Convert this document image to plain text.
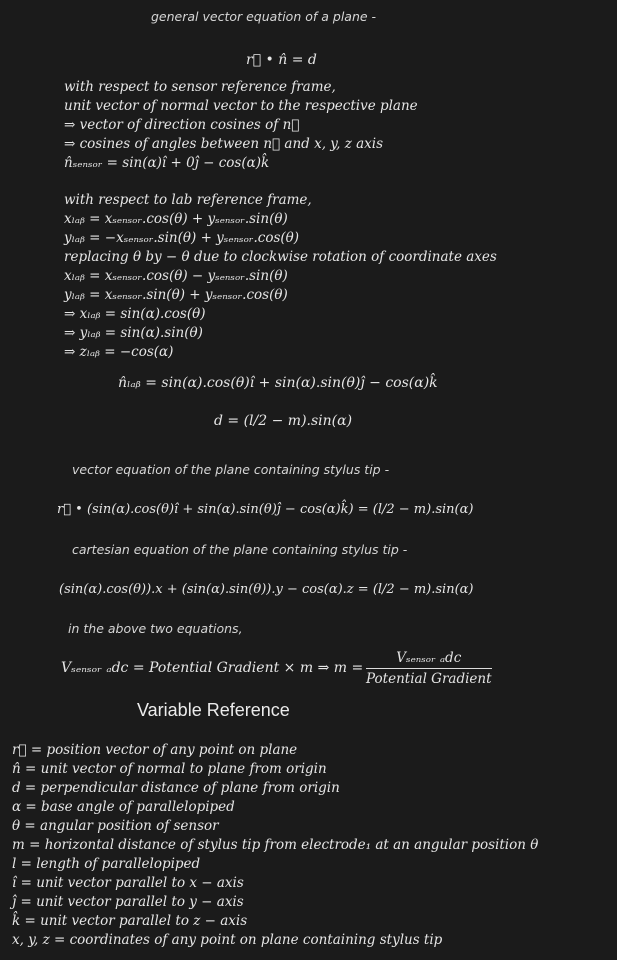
general vector equation of a plane -
r⃗ • n̂ = d
with respect to sensor reference frame,
unit vector of normal vector to the respective plane
⇒ vector of direction cosines of n⃗
⇒ cosines of angles between n⃗ and x, y, z axis
n̂ₛₑₙₛₒᵣ = sin(α)î + 0ĵ − cos(α)k̂
with respect to lab reference frame,
xₗₐᵦ = xₛₑₙₛₒᵣ.cos(θ) + yₛₑₙₛₒᵣ.sin(θ)
yₗₐᵦ = −xₛₑₙₛₒᵣ.sin(θ) + yₛₑₙₛₒᵣ.cos(θ)
replacing θ by − θ due to clockwise rotation of coordinate axes
xₗₐᵦ = xₛₑₙₛₒᵣ.cos(θ) − yₛₑₙₛₒᵣ.sin(θ)
yₗₐᵦ = xₛₑₙₛₒᵣ.sin(θ) + yₛₑₙₛₒᵣ.cos(θ)
⇒ xₗₐᵦ = sin(α).cos(θ)
⇒ yₗₐᵦ = sin(α).sin(θ)
⇒ zₗₐᵦ = −cos(α)
n̂ₗₐᵦ = sin(α).cos(θ)î + sin(α).sin(θ)ĵ − cos(α)k̂
d = (l/2 − m).sin(α)
vector equation of the plane containing stylus tip -
r⃗ • (sin(α).cos(θ)î + sin(α).sin(θ)ĵ − cos(α)k̂) = (l/2 − m).sin(α)
cartesian equation of the plane containing stylus tip -
(sin(α).cos(θ)).x + (sin(α).sin(θ)).y − cos(α).z = (l/2 − m).sin(α)
in the above two equations,
Vₛₑₙₛₒᵣ ₐdc = Potential Gradient × m ⇒ m =
Vₛₑₙₛₒᵣ ₐdc
Potential Gradient
Variable Reference
r⃗ = position vector of any point on plane
n̂ = unit vector of normal to plane from origin
d = perpendicular distance of plane from origin
α = base angle of parallelopiped
θ = angular position of sensor
m = horizontal distance of stylus tip from electrode₁ at an angular position θ
l = length of parallelopiped
î = unit vector parallel to x − axis
ĵ = unit vector parallel to y − axis
k̂ = unit vector parallel to z − axis
x, y, z = coordinates of any point on plane containing stylus tip
